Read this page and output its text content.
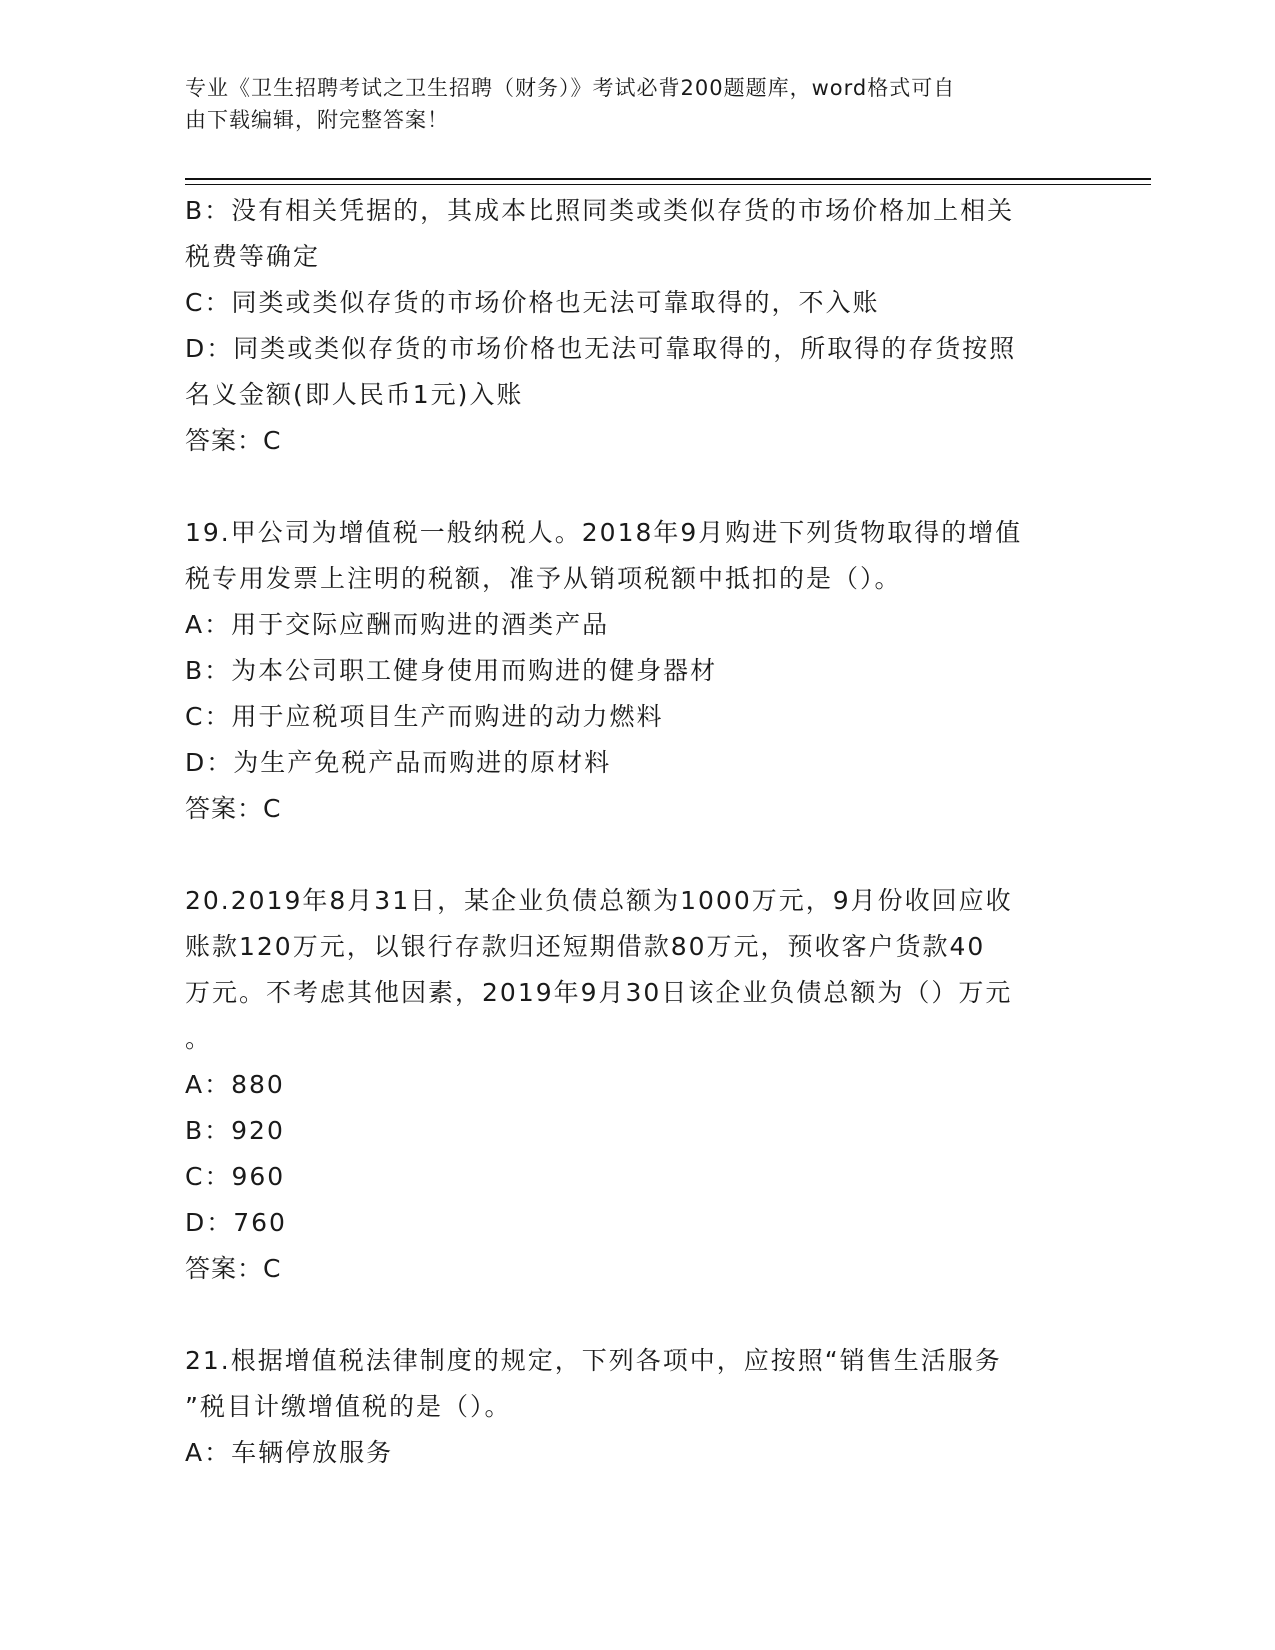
专业《卫生招聘考试之卫生招聘（财务）》考试必背200题题库，word格式可自
由下载编辑，附完整答案！
B：没有相关凭据的，其成本比照同类或类似存货的市场价格加上相关
税费等确定
C：同类或类似存货的市场价格也无法可靠取得的，不入账
D：同类或类似存货的市场价格也无法可靠取得的，所取得的存货按照
名义金额(即人民币1元)入账
答案：C
19.甲公司为增值税一般纳税人。2018年9月购进下列货物取得的增值
税专用发票上注明的税额，准予从销项税额中抵扣的是（）。
A：用于交际应酬而购进的酒类产品
B：为本公司职工健身使用而购进的健身器材
C：用于应税项目生产而购进的动力燃料
D：为生产免税产品而购进的原材料
答案：C
20.2019年8月31日，某企业负债总额为1000万元，9月份收回应收
账款120万元，以银行存款归还短期借款80万元，预收客户货款40
万元。不考虑其他因素，2019年9月30日该企业负债总额为（）万元
。
A：880
B：920
C：960
D：760
答案：C
21.根据增值税法律制度的规定，下列各项中，应按照“销售生活服务
”税目计缴增值税的是（）。
A：车辆停放服务
